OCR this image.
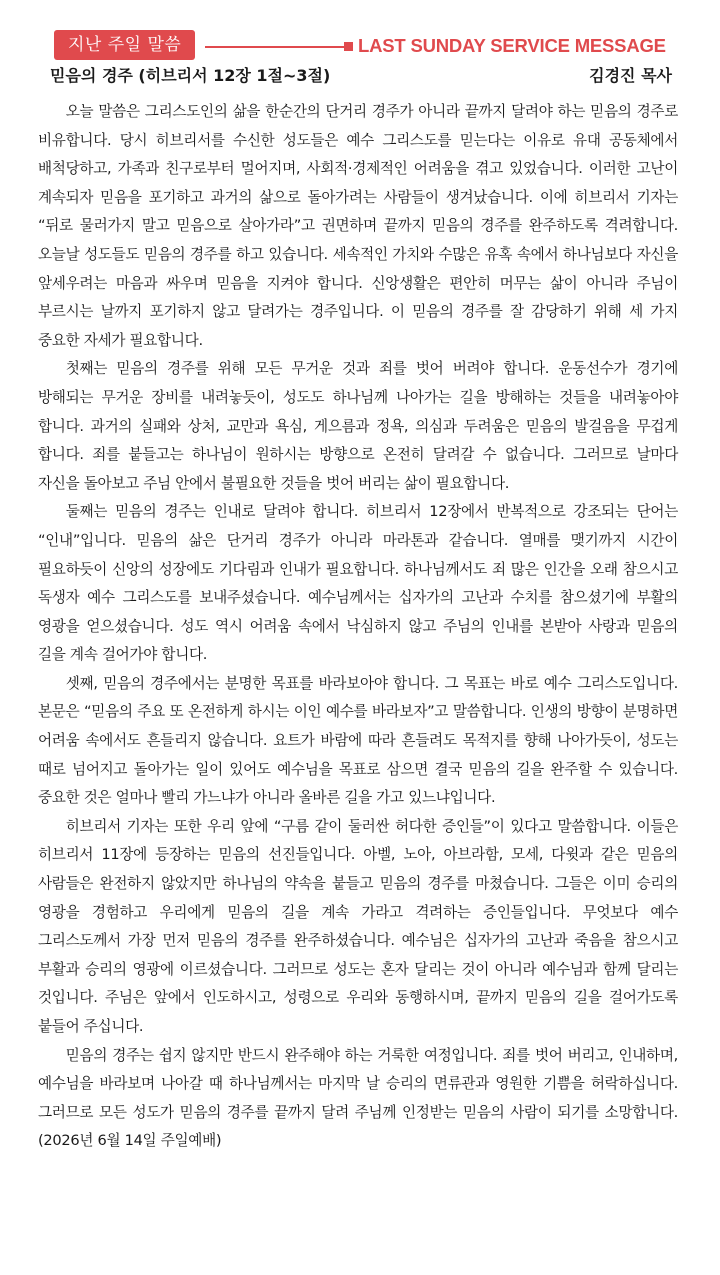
지난 주일 말씀	LAST SUNDAY SERVICE MESSAGE
믿음의 경주 (히브리서 12장 1절~3절)	김경진 목사

오늘 말씀은 그리스도인의 삶을 한순간의 단거리 경주가 아니라 끝까지 달려야 하는 믿음의 경주로 비유합니다. 당시 히브리서를 수신한 성도들은 예수 그리스도를 믿는다는 이유로 유대 공동체에서 배척당하고, 가족과 친구로부터 멀어지며, 사회적·경제적인 어려움을 겪고 있었습니다. 이러한 고난이 계속되자 믿음을 포기하고 과거의 삶으로 돌아가려는 사람들이 생겨났습니다. 이에 히브리서 기자는 “뒤로 물러가지 말고 믿음으로 살아가라”고 권면하며 끝까지 믿음의 경주를 완주하도록 격려합니다. 오늘날 성도들도 믿음의 경주를 하고 있습니다. 세속적인 가치와 수많은 유혹 속에서 하나님보다 자신을 앞세우려는 마음과 싸우며 믿음을 지켜야 합니다. 신앙생활은 편안히 머무는 삶이 아니라 주님이 부르시는 날까지 포기하지 않고 달려가는 경주입니다. 이 믿음의 경주를 잘 감당하기 위해 세 가지 중요한 자세가 필요합니다.

첫째는 믿음의 경주를 위해 모든 무거운 것과 죄를 벗어 버려야 합니다. 운동선수가 경기에 방해되는 무거운 장비를 내려놓듯이, 성도도 하나님께 나아가는 길을 방해하는 것들을 내려놓아야 합니다. 과거의 실패와 상처, 교만과 욕심, 게으름과 정욕, 의심과 두려움은 믿음의 발걸음을 무겁게 합니다. 죄를 붙들고는 하나님이 원하시는 방향으로 온전히 달려갈 수 없습니다. 그러므로 날마다 자신을 돌아보고 주님 안에서 불필요한 것들을 벗어 버리는 삶이 필요합니다.

둘째는 믿음의 경주는 인내로 달려야 합니다. 히브리서 12장에서 반복적으로 강조되는 단어는 “인내”입니다. 믿음의 삶은 단거리 경주가 아니라 마라톤과 같습니다. 열매를 맺기까지 시간이 필요하듯이 신앙의 성장에도 기다림과 인내가 필요합니다. 하나님께서도 죄 많은 인간을 오래 참으시고 독생자 예수 그리스도를 보내주셨습니다. 예수님께서는 십자가의 고난과 수치를 참으셨기에 부활의 영광을 얻으셨습니다. 성도 역시 어려움 속에서 낙심하지 않고 주님의 인내를 본받아 사랑과 믿음의 길을 계속 걸어가야 합니다.

셋째, 믿음의 경주에서는 분명한 목표를 바라보아야 합니다. 그 목표는 바로 예수 그리스도입니다. 본문은 “믿음의 주요 또 온전하게 하시는 이인 예수를 바라보자”고 말씀합니다. 인생의 방향이 분명하면 어려움 속에서도 흔들리지 않습니다. 요트가 바람에 따라 흔들려도 목적지를 향해 나아가듯이, 성도는 때로 넘어지고 돌아가는 일이 있어도 예수님을 목표로 삼으면 결국 믿음의 길을 완주할 수 있습니다. 중요한 것은 얼마나 빨리 가느냐가 아니라 올바른 길을 가고 있느냐입니다.

히브리서 기자는 또한 우리 앞에 “구름 같이 둘러싼 허다한 증인들”이 있다고 말씀합니다. 이들은 히브리서 11장에 등장하는 믿음의 선진들입니다. 아벨, 노아, 아브라함, 모세, 다윗과 같은 믿음의 사람들은 완전하지 않았지만 하나님의 약속을 붙들고 믿음의 경주를 마쳤습니다. 그들은 이미 승리의 영광을 경험하고 우리에게 믿음의 길을 계속 가라고 격려하는 증인들입니다. 무엇보다 예수 그리스도께서 가장 먼저 믿음의 경주를 완주하셨습니다. 예수님은 십자가의 고난과 죽음을 참으시고 부활과 승리의 영광에 이르셨습니다. 그러므로 성도는 혼자 달리는 것이 아니라 예수님과 함께 달리는 것입니다. 주님은 앞에서 인도하시고, 성령으로 우리와 동행하시며, 끝까지 믿음의 길을 걸어가도록 붙들어 주십니다.

믿음의 경주는 쉽지 않지만 반드시 완주해야 하는 거룩한 여정입니다. 죄를 벗어 버리고, 인내하며, 예수님을 바라보며 나아갈 때 하나님께서는 마지막 날 승리의 면류관과 영원한 기쁨을 허락하십니다. 그러므로 모든 성도가 믿음의 경주를 끝까지 달려 주님께 인정받는 믿음의 사람이 되기를 소망합니다. (2026년 6월 14일 주일예배)
